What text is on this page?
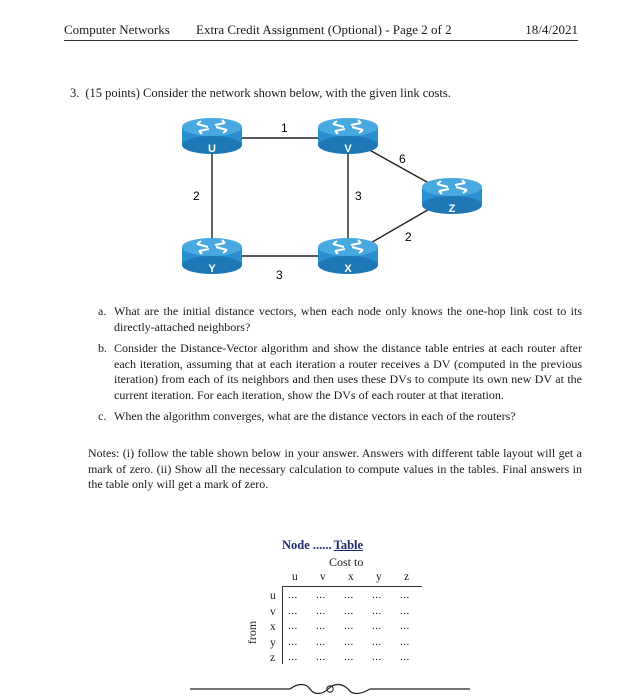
Computer Networks Extra Credit Assignment (Optional) - Page 2 of 2	18/4/2021
3. (15 points) Consider the network shown below, with the given link costs.
1
6
2	3
2
3
U	V
Z
Y	X
a. What are the initial distance vectors, when each node only knows the one-hop link cost to its directly-attached neighbors?
b. Consider the Distance-Vector algorithm and show the distance table entries at each router after each iteration, assuming that at each iteration a router receives a DV (computed in the previous iteration) from each of its neighbors and then uses these DVs to compute its own new DV at the current iteration. For each iteration, show the DVs of each router at that iteration.
c. When the algorithm converges, what are the distance vectors in each of the routers?
Notes: (i) follow the table shown below in your answer. Answers with different table layout will get a mark of zero. (ii) Show all the necessary calculation to compute values in the tables. Final answers in the table only will get a mark of zero.
Node ...... Table
Cost to
u v x y z
from
u ... ... ... ... ...
v ... ... ... ... ...
x ... ... ... ... ...
y ... ... ... ... ...
z ... ... ... ... ...
